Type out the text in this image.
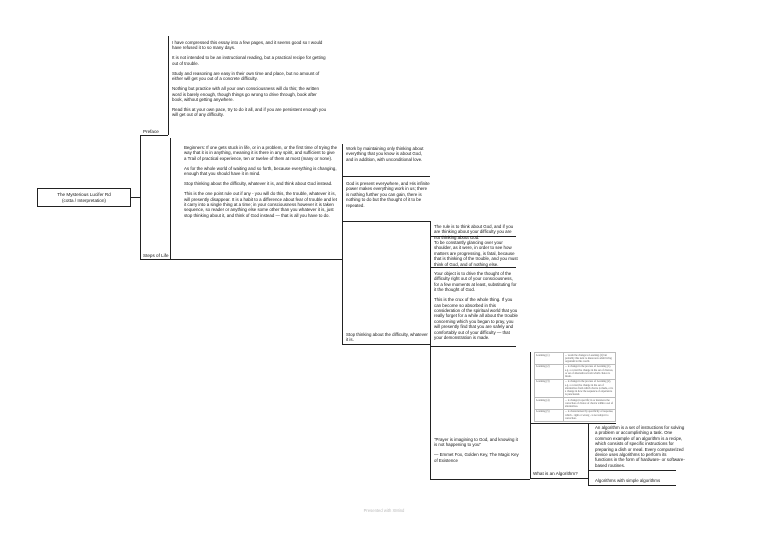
The Mysterious Lucifer Rd
(cotta / Interpretation)

I have compressed this essay into a few pages, and it seems good so I would have refused it to so many days.

It is not intended to be an instructional reading, but a practical recipe for getting out of trouble.

Study and reasoning are easy in their own time and place, but no amount of either will get you out of a concrete difficulty.

Nothing but practice with all your own consciousness will do this; the written word is barely enough, though things go wrong to drive through, book after book, without getting anywhere.

Read this at your own pace, try to do it all, and if you are persistent enough you will get out of any difficulty.

Preface

Beginners: If one gets stuck in life, or in a problem, or the first time of trying the way that it is in anything, meaning it is there in any spirit, and sufficient to give a Trail of practical experience, ten or twelve of them at most (many or none).

As for the whole world of waiting and so forth, because everything is changing, enough that you should have it in mind.

Stop thinking about the difficulty, whatever it is, and think about God instead.

This is the one point rule out if any - you will do this, the trouble, whatever it is, will presently disappear. It is a habit to a difference about fear of trouble and let it carry into a single thing at a time; in your consciousness however it is taken sequence, so reader or anything else some other than you whatever it is, just stop thinking about it, and think of God instead — that is all you have to do.

Steps of Life
Work by maintaining only thinking about everything that you know is about God, and in addition, with unconditional love.
God is present everywhere, and His infinite power makes everything work in us; there is nothing further you can gain, there is nothing to do but the thought of it to be repeated.
Stop thinking about the difficulty, whatever it is.
The rule is to think about God, and if you are thinking about your difficulty you are not thinking about God.
To be constantly glancing over your shoulder, as it were, in order to see how matters are progressing, is fatal, because that is thinking of the trouble, and you must think of God, and of nothing else.

Your object is to drive the thought of the difficulty right out of your consciousness, for a few moments at least, substituting for it the thought of God.

This is the crux of the whole thing. If you can become so absorbed in this consideration of the spiritual world that you really forget for a while all about the trouble concerning which you began to pray, you will presently find that you are safely and comfortably out of your difficulty — that your demonstration is made.

"Prayer is imagining to God, and knowing it is not happening to you"

— Emmet Fox, Golden Key, The Magic Key of Existence

Learning (1)	... would be change to Learning (2) but probably this next to mean new adult living organism in this world.
Learning (2)	... is change in the process of Learning (1), e.g. a corrective change in the set of choices, or set of alternatives from which choice is made.
Learning (3)	... is change in the process of Learning (2), e.g. a corrective change in the set of alternatives from which choice is made, or is a change in how the sequence of experience is punctuated.
Learning (4)	... is change in specific in or instances the correction of choice of choice within a set of alternatives.
Learning (5)	... is characterised by specificity of response, which - right or wrong - is not subject to correction.
What is an Algorithm?
An algorithm is a set of instructions for solving a problem or accomplishing a task. One common example of an algorithm is a recipe, which consists of specific instructions for preparing a dish or meal. Every computerized device uses algorithms to perform its functions in the form of hardware- or software-based routines.
Algorithms with simple algorithms
Presented with XMind
